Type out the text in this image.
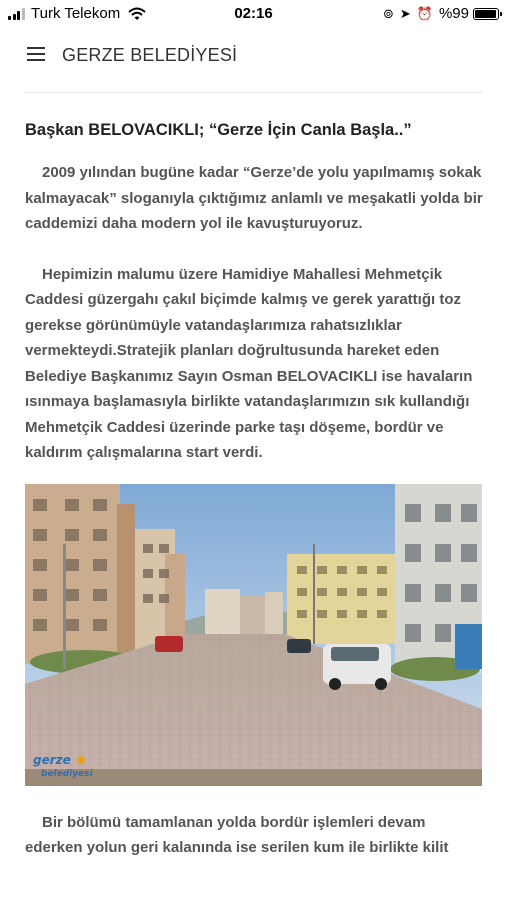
Turk Telekom	02:16	⊚ ➤ ⏰ %99
GERZE BELEDİYESİ
Başkan BELOVACIKLI; “Gerze İçin Canla Başla..”

2009 yılından bugüne kadar “Gerze’de yolu yapılmamış sokak kalmayacak” sloganıyla çıktığımız anlamlı ve meşakatli yolda bir caddemizi daha modern yol ile kavuşturuyoruz.

Hepimizin malumu üzere Hamidiye Mahallesi Mehmetçik Caddesi güzergahı çakıl biçimde kalmış ve gerek yarattığı toz gerekse görünümüyle vatandaşlarımıza rahatsızlıklar vermekteydi.Stratejik planları doğrultusunda hareket eden Belediye Başkanımız Sayın Osman BELOVACIKLI ise havaların ısınmaya başlamasıyla birlikte vatandaşlarımızın sık kullandığı Mehmetçik Caddesi üzerinde parke taşı döşeme, bordür ve kaldırım çalışmalarına start verdi.

gerze
belediyesi

Bir bölümü tamamlanan yolda bordür işlemleri devam ederken yolun geri kalanında ise serilen kum ile birlikte kilit
